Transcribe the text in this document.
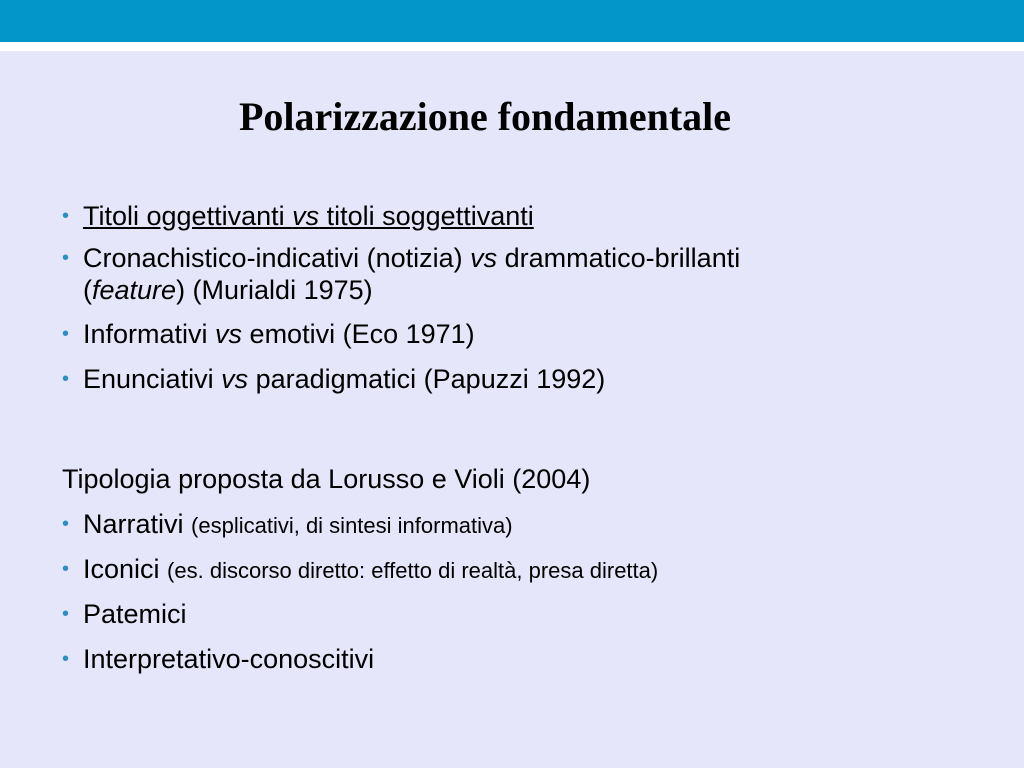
Polarizzazione fondamentale
• Titoli oggettivanti vs titoli soggettivanti
• Cronachistico-indicativi (notizia) vs drammatico-brillanti
(feature) (Murialdi 1975)
• Informativi vs emotivi (Eco 1971)
• Enunciativi vs paradigmatici (Papuzzi 1992)
Tipologia proposta da Lorusso e Violi (2004)
• Narrativi (esplicativi, di sintesi informativa)
• Iconici (es. discorso diretto: effetto di realtà, presa diretta)
• Patemici
• Interpretativo-conoscitivi
